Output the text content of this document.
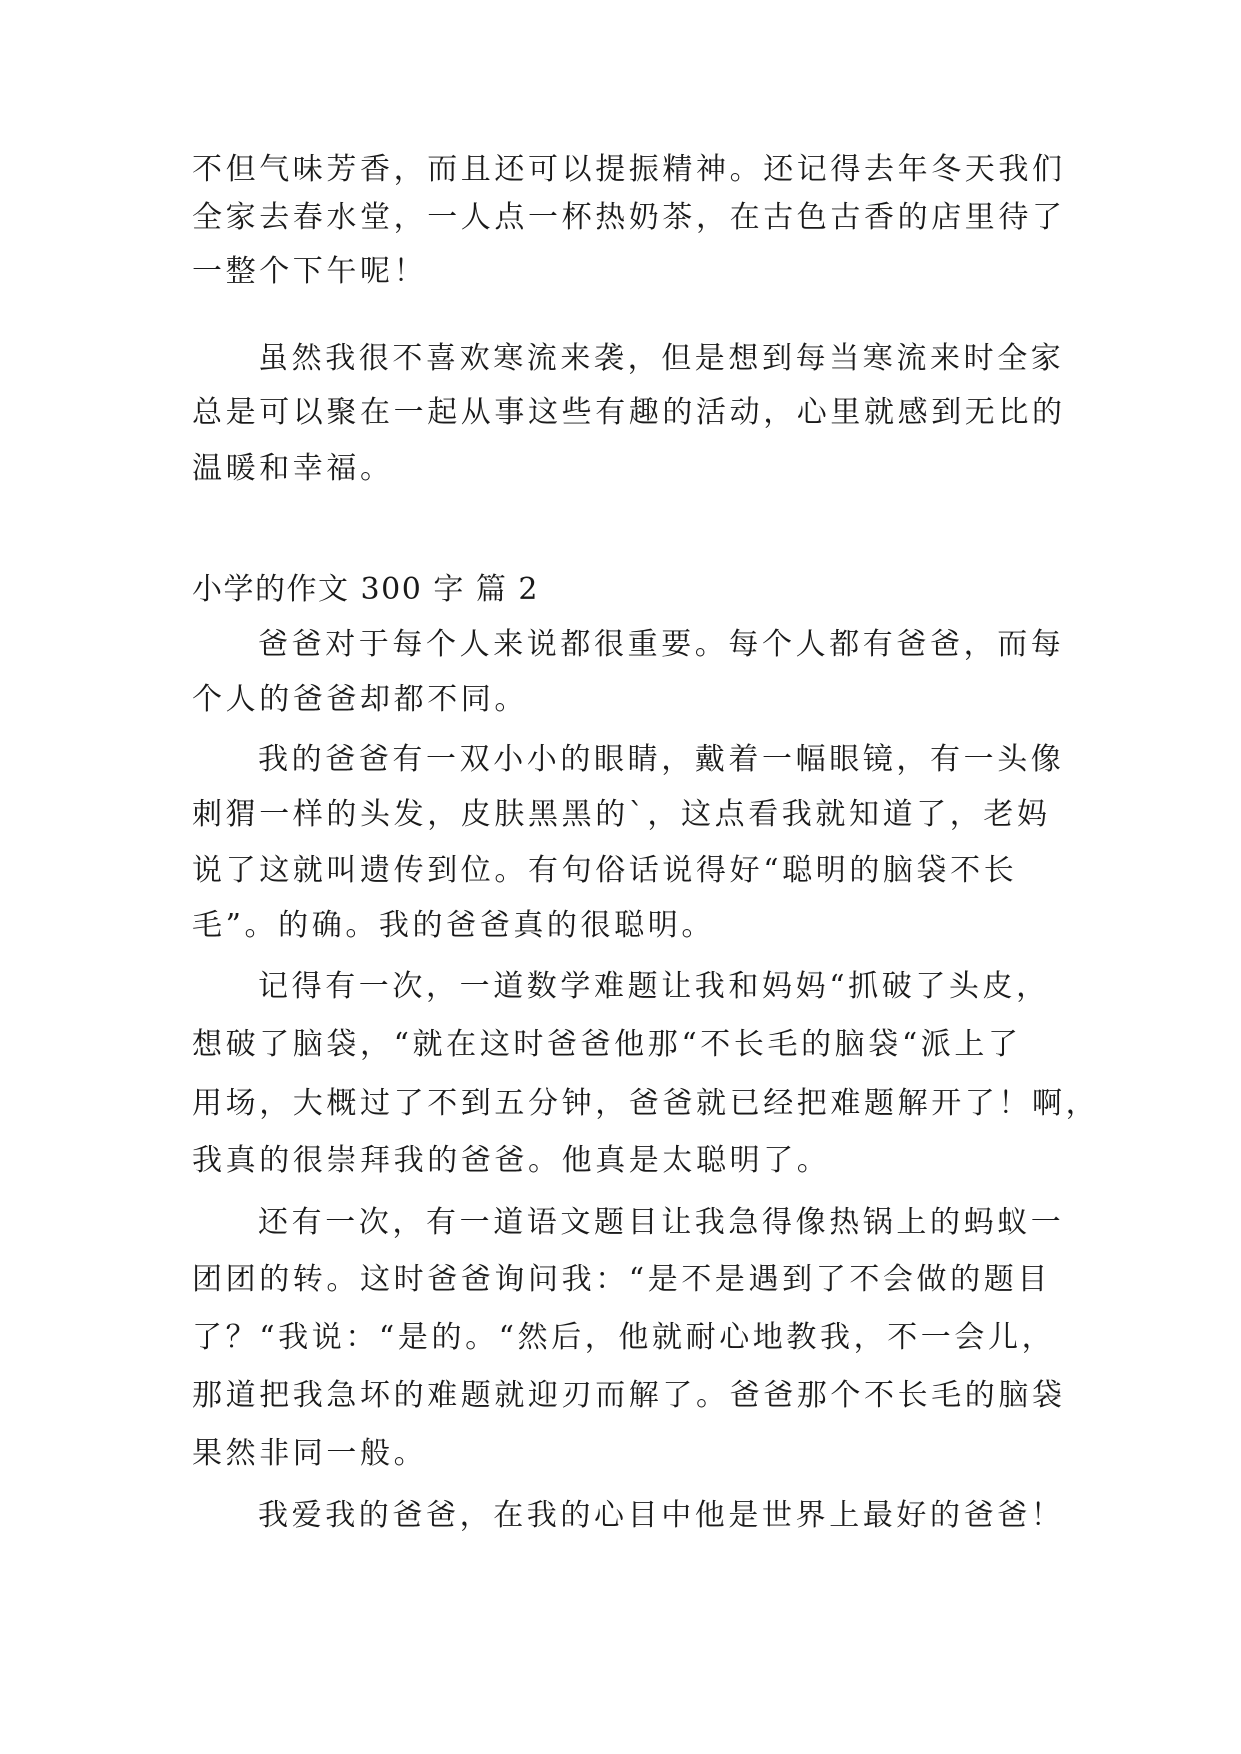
不但气味芳香，而且还可以提振精神。还记得去年冬天我们
全家去春水堂，一人点一杯热奶茶，在古色古香的店里待了
一整个下午呢！
虽然我很不喜欢寒流来袭，但是想到每当寒流来时全家
总是可以聚在一起从事这些有趣的活动，心里就感到无比的
温暖和幸福。
小学的作文 300 字 篇 2
爸爸对于每个人来说都很重要。每个人都有爸爸，而每
个人的爸爸却都不同。
我的爸爸有一双小小的眼睛，戴着一幅眼镜，有一头像
刺猬一样的头发，皮肤黑黑的`，这点看我就知道了，老妈
说了这就叫遗传到位。有句俗话说得好“聪明的脑袋不长
毛”。的确。我的爸爸真的很聪明。
记得有一次，一道数学难题让我和妈妈“抓破了头皮，
想破了脑袋，“就在这时爸爸他那“不长毛的脑袋“派上了
用场，大概过了不到五分钟，爸爸就已经把难题解开了！啊，
我真的很崇拜我的爸爸。他真是太聪明了。
还有一次，有一道语文题目让我急得像热锅上的蚂蚁一
团团的转。这时爸爸询问我：“是不是遇到了不会做的题目
了？“我说：“是的。“然后，他就耐心地教我，不一会儿，
那道把我急坏的难题就迎刃而解了。爸爸那个不长毛的脑袋
果然非同一般。
我爱我的爸爸，在我的心目中他是世界上最好的爸爸！
